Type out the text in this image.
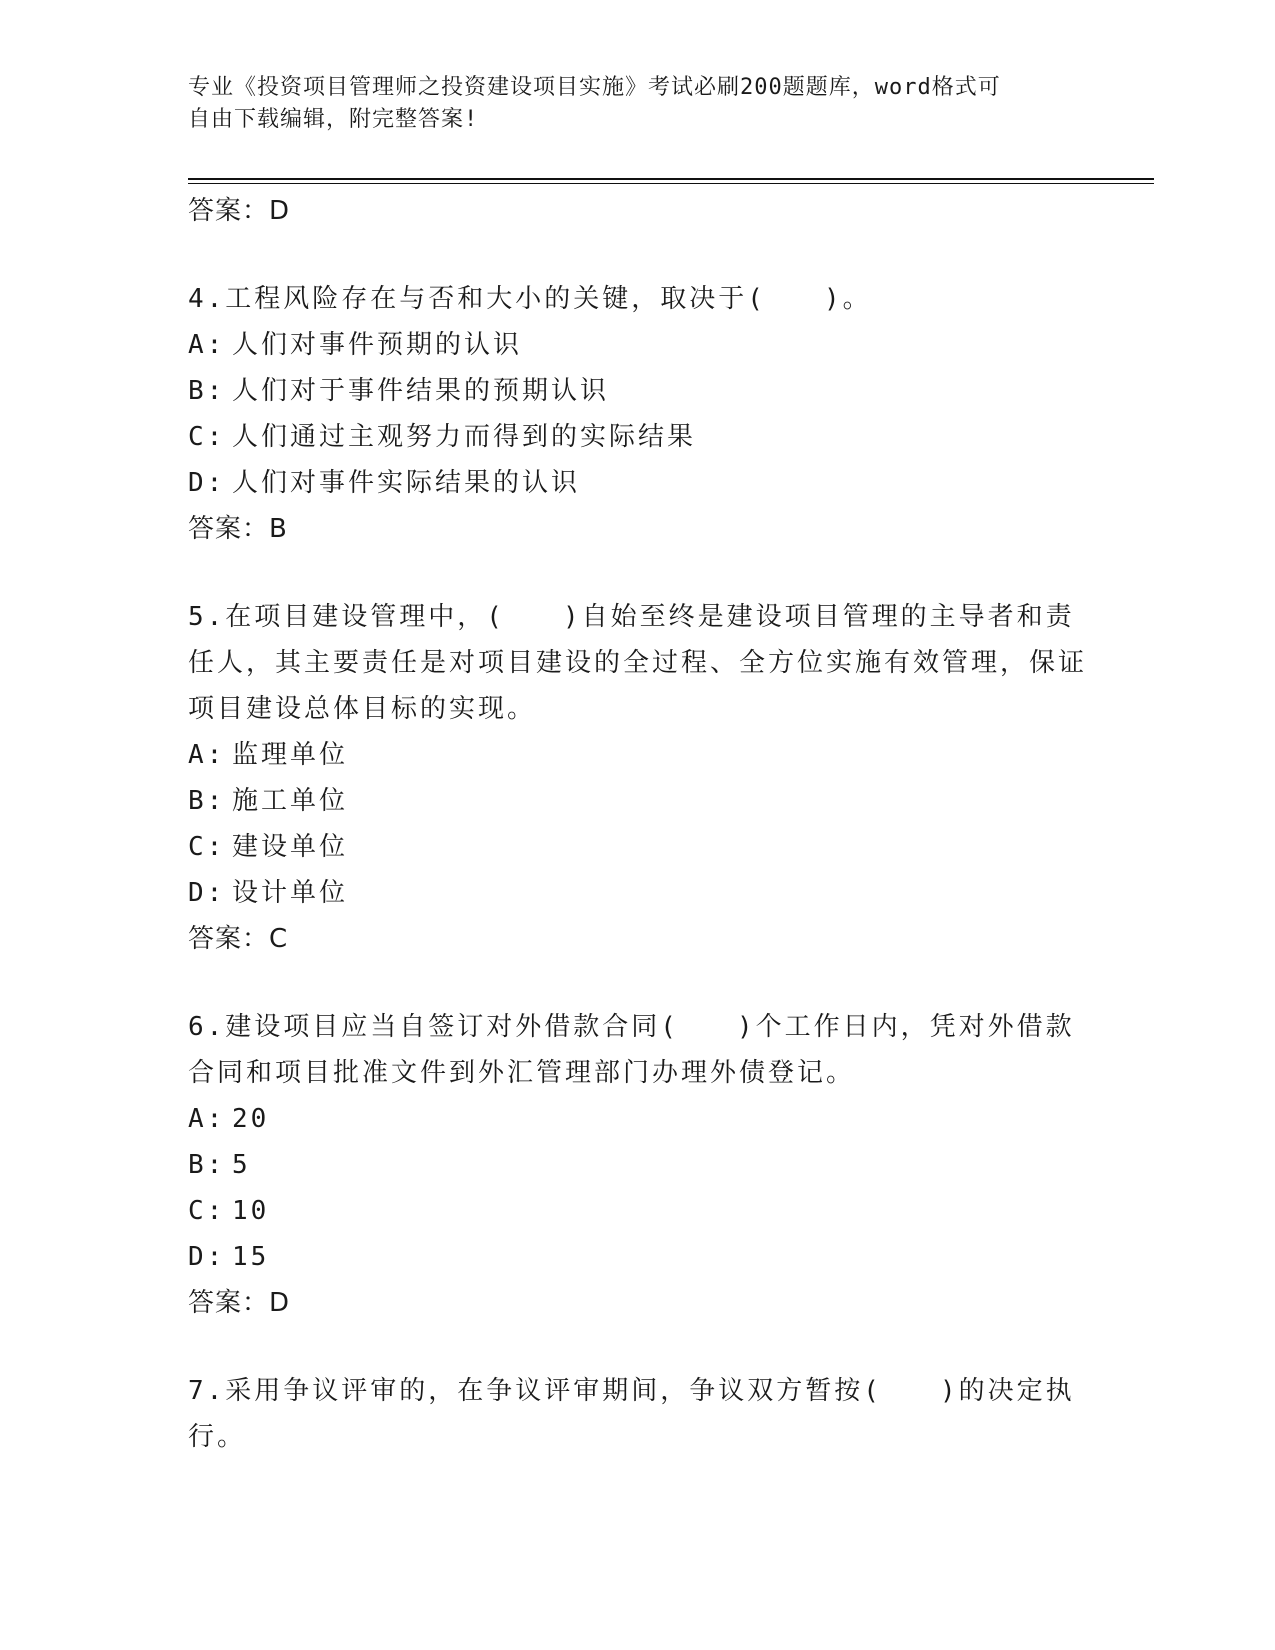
专业《投资项目管理师之投资建设项目实施》考试必刷200题题库，word格式可
自由下载编辑，附完整答案!
答案：D
4.工程风险存在与否和大小的关键，取决于(　　)。
A: 人们对事件预期的认识
B: 人们对于事件结果的预期认识
C: 人们通过主观努力而得到的实际结果
D: 人们对事件实际结果的认识
答案：B
5.在项目建设管理中，(　　)自始至终是建设项目管理的主导者和责任人，其主要责任是对项目建设的全过程、全方位实施有效管理，保证项目建设总体目标的实现。
A: 监理单位
B: 施工单位
C: 建设单位
D: 设计单位
答案：C
6.建设项目应当自签订对外借款合同(　　)个工作日内，凭对外借款合同和项目批准文件到外汇管理部门办理外债登记。
A: 20
B: 5
C: 10
D: 15
答案：D
7.采用争议评审的，在争议评审期间，争议双方暂按(　　)的决定执行。
